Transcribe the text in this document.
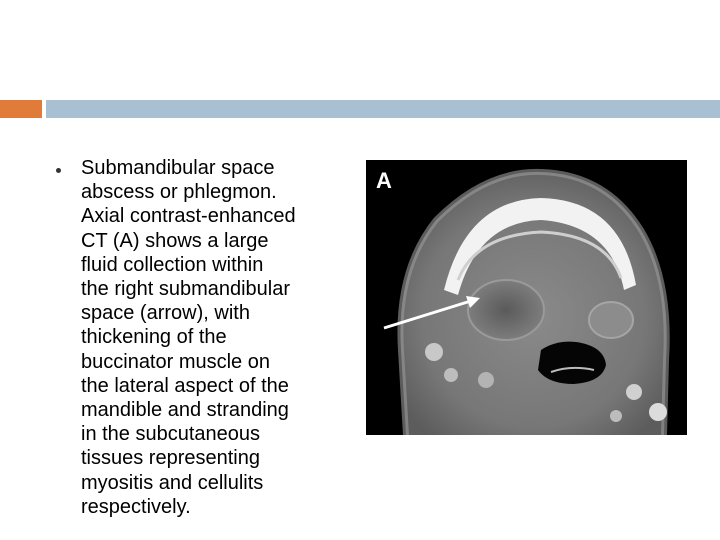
Submandibular space
abscess or phlegmon.
Axial contrast-enhanced
CT (A) shows a large
fluid collection within
the right submandibular
space (arrow), with
thickening of the
buccinator muscle on
the lateral aspect of the
mandible and stranding
in the subcutaneous
tissues representing
myositis and cellulits
respectively.
A
